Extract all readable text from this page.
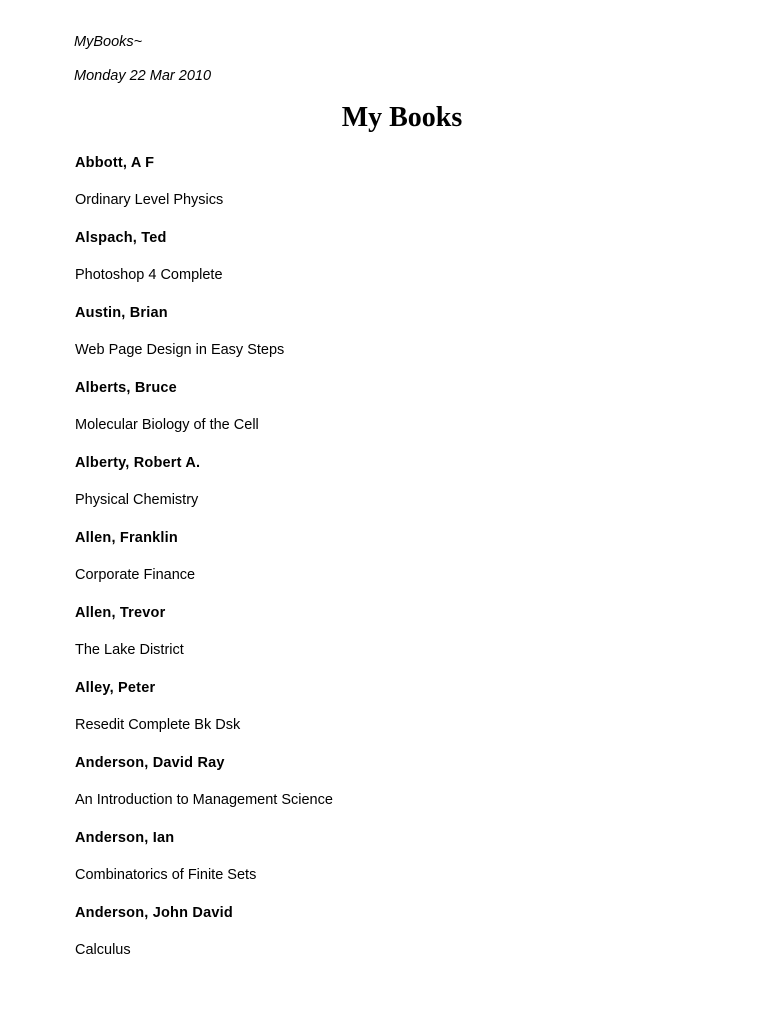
MyBooks~
Monday 22 Mar 2010
My Books
Abbott, A F
Ordinary Level Physics
Alspach, Ted
Photoshop 4 Complete
Austin, Brian
Web Page Design in Easy Steps
Alberts, Bruce
Molecular Biology of the Cell
Alberty, Robert A.
Physical Chemistry
Allen, Franklin
Corporate Finance
Allen, Trevor
The Lake District
Alley, Peter
Resedit Complete Bk Dsk
Anderson, David Ray
An Introduction to Management Science
Anderson, Ian
Combinatorics of Finite Sets
Anderson, John David
Calculus
